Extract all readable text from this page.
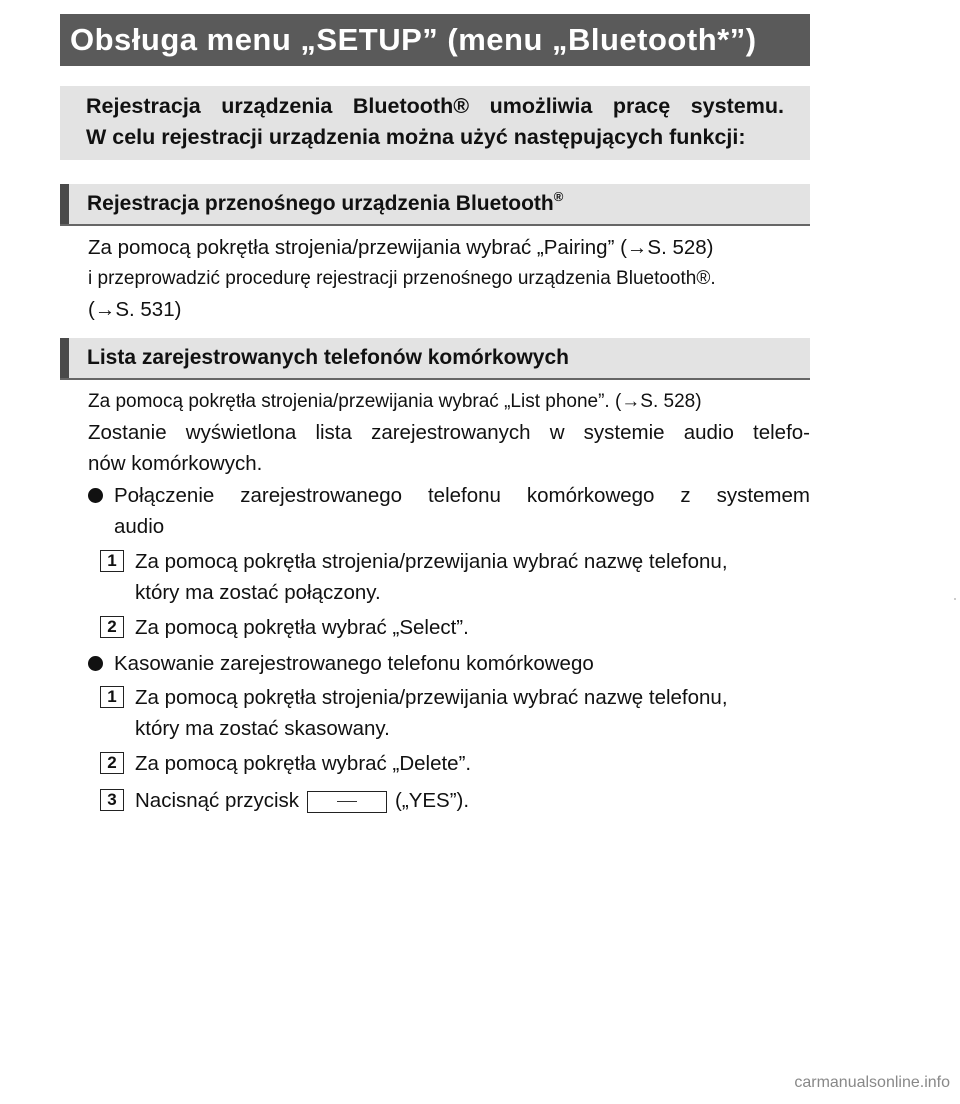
Obsługa menu „SETUP” (menu „Bluetooth*”)
Rejestracja urządzenia Bluetooth® umożliwia pracę systemu.
W celu rejestracji urządzenia można użyć następujących funkcji:
Rejestracja przenośnego urządzenia Bluetooth®
Za pomocą pokrętła strojenia/przewijania wybrać „Pairing” (→S. 528)
i przeprowadzić procedurę rejestracji przenośnego urządzenia Bluetooth®.
(→S. 531)
Lista zarejestrowanych telefonów komórkowych
Za pomocą pokrętła strojenia/przewijania wybrać „List phone”. (→S. 528)
Zostanie wyświetlona lista zarejestrowanych w systemie audio telefo-
nów komórkowych.
Połączenie zarejestrowanego telefonu komórkowego z systemem
audio
1 Za pomocą pokrętła strojenia/przewijania wybrać nazwę telefonu,
który ma zostać połączony.
2 Za pomocą pokrętła wybrać „Select”.
Kasowanie zarejestrowanego telefonu komórkowego
1 Za pomocą pokrętła strojenia/przewijania wybrać nazwę telefonu,
który ma zostać skasowany.
2 Za pomocą pokrętła wybrać „Delete”.
3 Nacisnąć przycisk	(„YES”).
carmanualsonline.info
